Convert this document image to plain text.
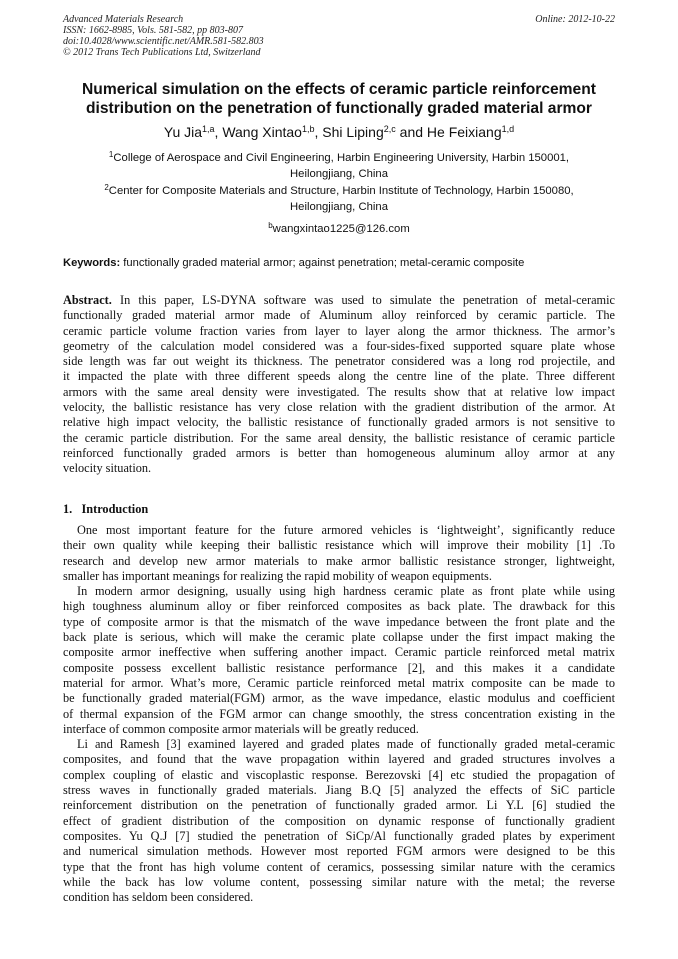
Advanced Materials Research
ISSN: 1662-8985, Vols. 581-582, pp 803-807
doi:10.4028/www.scientific.net/AMR.581-582.803
© 2012 Trans Tech Publications Ltd, Switzerland
Online: 2012-10-22
Numerical simulation on the effects of ceramic particle reinforcement
distribution on the penetration of functionally graded material armor
Yu Jia$^{1,a}$, Wang Xintao$^{1,b}$, Shi Liping$^{2,c}$ and He Feixiang$^{1,d}$
$^1$College of Aerospace and Civil Engineering, Harbin Engineering University, Harbin 150001,
Heilongjiang, China
$^2$Center for Composite Materials and Structure, Harbin Institute of Technology, Harbin 150080,
Heilongjiang, China
$^b$wangxintao1225@126.com
Keywords: functionally graded material armor; against penetration; metal-ceramic composite
Abstract. In this paper, LS-DYNA software was used to simulate the penetration of metal-ceramic
functionally graded material armor made of Aluminum alloy reinforced by ceramic particle. The
ceramic particle volume fraction varies from layer to layer along the armor thickness. The armor’s
geometry of the calculation model considered was a four-sides-fixed supported square plate whose
side length was far out weight its thickness. The penetrator considered was a long rod projectile, and
it impacted the plate with three different speeds along the centre line of the plate. Three different
armors with the same areal density were investigated. The results show that at relative low impact
velocity, the ballistic resistance has very close relation with the gradient distribution of the armor. At
relative high impact velocity, the ballistic resistance of functionally graded armors is not sensitive to
the ceramic particle distribution. For the same areal density, the ballistic resistance of ceramic particle
reinforced functionally graded armors is better than homogeneous aluminum alloy armor at any
velocity situation.
1. Introduction
One most important feature for the future armored vehicles is ‘lightweight’, significantly reduce
their own quality while keeping their ballistic resistance which will improve their mobility [1] .To
research and develop new armor materials to make armor ballistic resistance stronger, lightweight,
smaller has important meanings for realizing the rapid mobility of weapon equipments.
In modern armor designing, usually using high hardness ceramic plate as front plate while using
high toughness aluminum alloy or fiber reinforced composites as back plate. The drawback for this
type of composite armor is that the mismatch of the wave impedance between the front plate and the
back plate is serious, which will make the ceramic plate collapse under the first impact making the
composite armor ineffective when suffering another impact. Ceramic particle reinforced metal matrix
composite possess excellent ballistic resistance performance [2], and this makes it a candidate
material for armor. What’s more, Ceramic particle reinforced metal matrix composite can be made to
be functionally graded material(FGM) armor, as the wave impedance, elastic modulus and coefficient
of thermal expansion of the FGM armor can change smoothly, the stress concentration existing in the
interface of common composite armor materials will be greatly reduced.
Li and Ramesh [3] examined layered and graded plates made of functionally graded metal-ceramic
composites, and found that the wave propagation within layered and graded structures involves a
complex coupling of elastic and viscoplastic response. Berezovski [4] etc studied the propagation of
stress waves in functionally graded materials. Jiang B.Q [5] analyzed the effects of SiC particle
reinforcement distribution on the penetration of functionally graded armor. Li Y.L [6] studied the
effect of gradient distribution of the composition on dynamic response of functionally gradient
composites. Yu Q.J [7] studied the penetration of SiCp/Al functionally graded plates by experiment
and numerical simulation methods. However most reported FGM armors were designed to be this
type that the front has high volume content of ceramics, possessing similar nature with the ceramics
while the back has low volume content, possessing similar nature with the metal; the reverse
condition has seldom been considered.
